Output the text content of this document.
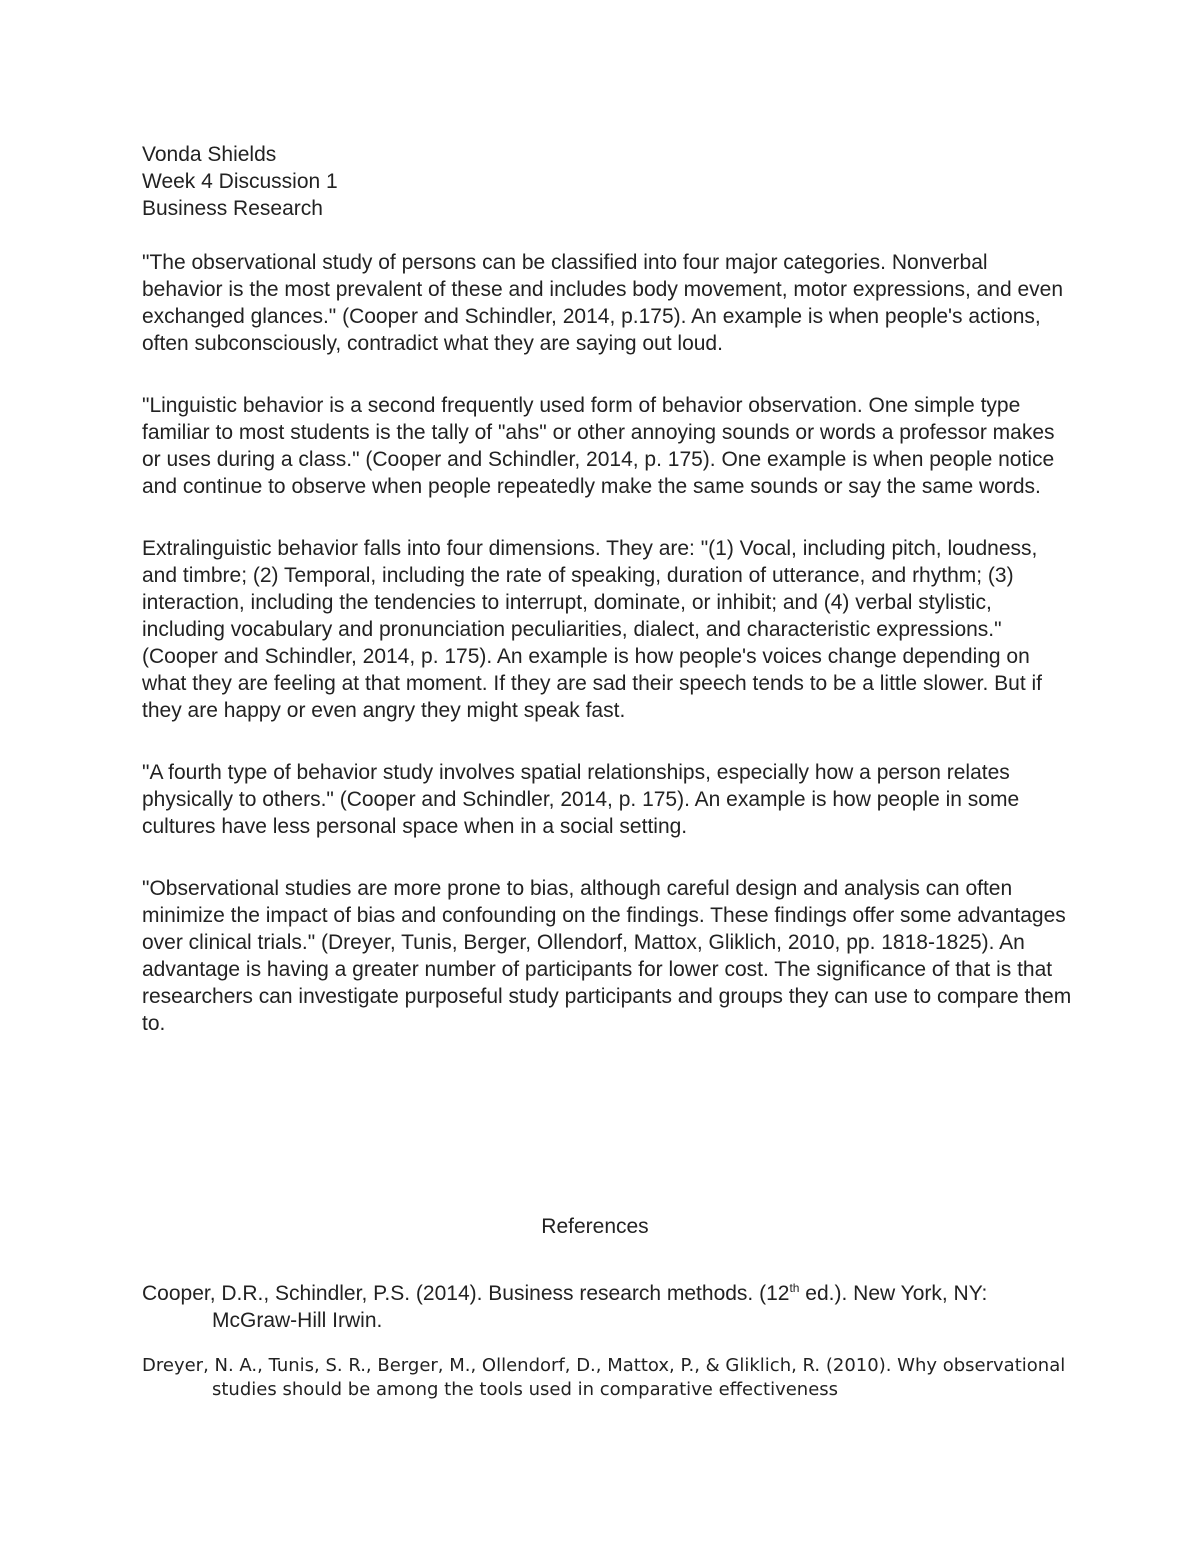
Vonda Shields
Week 4 Discussion 1
Business Research

"The observational study of persons can be classified into four major categories. Nonverbal behavior is the most prevalent of these and includes body movement, motor expressions, and even exchanged glances." (Cooper and Schindler, 2014, p.175). An example is when people's actions, often subconsciously, contradict what they are saying out loud.

"Linguistic behavior is a second frequently used form of behavior observation. One simple type familiar to most students is the tally of "ahs" or other annoying sounds or words a professor makes or uses during a class." (Cooper and Schindler, 2014, p. 175). One example is when people notice and continue to observe when people repeatedly make the same sounds or say the same words.

Extralinguistic behavior falls into four dimensions. They are: "(1) Vocal, including pitch, loudness, and timbre; (2) Temporal, including the rate of speaking, duration of utterance, and rhythm; (3) interaction, including the tendencies to interrupt, dominate, or inhibit; and (4) verbal stylistic, including vocabulary and pronunciation peculiarities, dialect, and characteristic expressions." (Cooper and Schindler, 2014, p. 175). An example is how people's voices change depending on what they are feeling at that moment. If they are sad their speech tends to be a little slower. But if they are happy or even angry they might speak fast.

"A fourth type of behavior study involves spatial relationships, especially how a person relates physically to others." (Cooper and Schindler, 2014, p. 175). An example is how people in some cultures have less personal space when in a social setting.

"Observational studies are more prone to bias, although careful design and analysis can often minimize the impact of bias and confounding on the findings. These findings offer some advantages over clinical trials." (Dreyer, Tunis, Berger, Ollendorf, Mattox, Gliklich, 2010, pp. 1818-1825). An advantage is having a greater number of participants for lower cost. The significance of that is that researchers can investigate purposeful study participants and groups they can use to compare them to.

References

Cooper, D.R., Schindler, P.S. (2014). Business research methods. (12th ed.). New York, NY: McGraw-Hill Irwin.

Dreyer, N. A., Tunis, S. R., Berger, M., Ollendorf, D., Mattox, P., & Gliklich, R. (2010). Why observational studies should be among the tools used in comparative effectiveness
